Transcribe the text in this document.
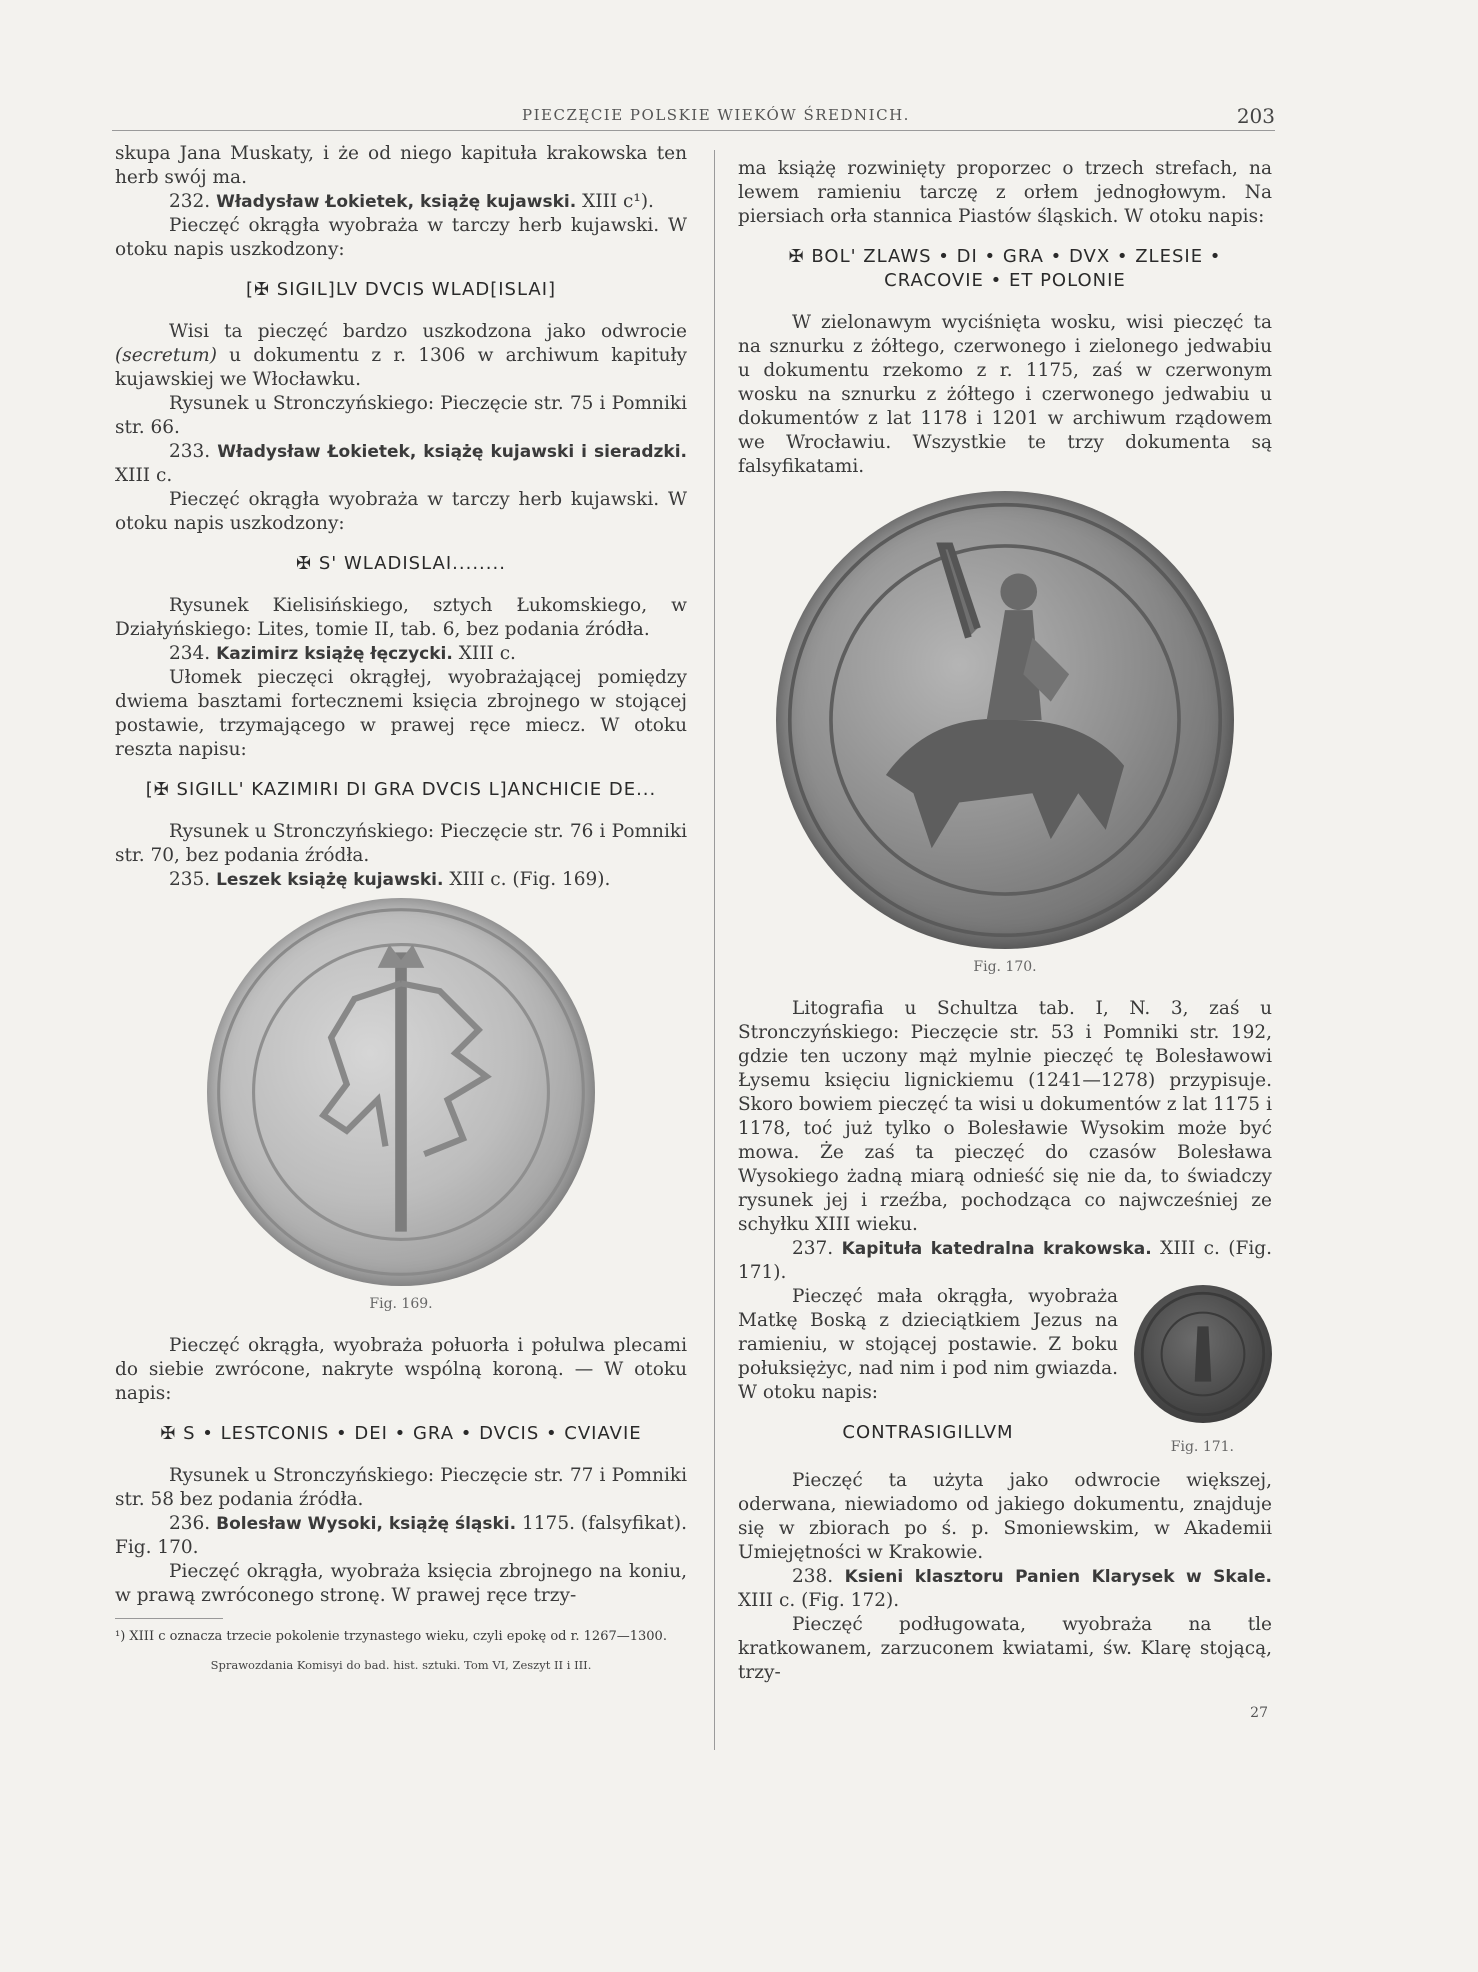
PIECZĘCIE POLSKIE WIEKÓW ŚREDNICH.	203

skupa Jana Muskaty, i że od niego kapituła krakowska ten herb swój ma.

232. Władysław Łokietek, książę kujawski. XIII c¹).

Pieczęć okrągła wyobraża w tarczy herb kujawski. W otoku napis uszkodzony:

[✠ SIGIL]LV DVCIS WLAD[ISLAI]

Wisi ta pieczęć bardzo uszkodzona jako odwrocie (secretum) u dokumentu z r. 1306 w archiwum kapituły kujawskiej we Włocławku.

Rysunek u Stronczyńskiego: Pieczęcie str. 75 i Pomniki str. 66.

233. Władysław Łokietek, książę kujawski i sieradzki. XIII c.

Pieczęć okrągła wyobraża w tarczy herb kujawski. W otoku napis uszkodzony:

✠ S' WLADISLAI........

Rysunek Kielisińskiego, sztych Łukomskiego, w Działyńskiego: Lites, tomie II, tab. 6, bez podania źródła.

234. Kazimirz książę łęczycki. XIII c.

Ułomek pieczęci okrągłej, wyobrażającej pomiędzy dwiema basztami fortecznemi księcia zbrojnego w stojącej postawie, trzymającego w prawej ręce miecz. W otoku reszta napisu:

[✠ SIGILL' KAZIMIRI DI GRA DVCIS L]ANCHICIE DE...

Rysunek u Stronczyńskiego: Pieczęcie str. 76 i Pomniki str. 70, bez podania źródła.

235. Leszek książę kujawski. XIII c. (Fig. 169).

Fig. 169.

Pieczęć okrągła, wyobraża połuorła i połulwa plecami do siebie zwrócone, nakryte wspólną koroną. — W otoku napis:

✠ S • LESTCONIS • DEI • GRA • DVCIS • CVIAVIE

Rysunek u Stronczyńskiego: Pieczęcie str. 77 i Pomniki str. 58 bez podania źródła.

236. Bolesław Wysoki, książę śląski. 1175. (falsyfikat). Fig. 170.

Pieczęć okrągła, wyobraża księcia zbrojnego na koniu, w prawą zwróconego stronę. W prawej ręce trzy-

¹) XIII c oznacza trzecie pokolenie trzynastego wieku, czyli epokę od r. 1267—1300.

Sprawozdania Komisyi do bad. hist. sztuki. Tom VI, Zeszyt II i III.

ma książę rozwinięty proporzec o trzech strefach, na lewem ramieniu tarczę z orłem jednogłowym. Na piersiach orła stannica Piastów śląskich. W otoku napis:

✠ BOL' ZLAWS • DI • GRA • DVX • ZLESIE • CRACOVIE • ET POLONIE

W zielonawym wyciśnięta wosku, wisi pieczęć ta na sznurku z żółtego, czerwonego i zielonego jedwabiu u dokumentu rzekomo z r. 1175, zaś w czerwonym wosku na sznurku z żółtego i czerwonego jedwabiu u dokumentów z lat 1178 i 1201 w archiwum rządowem we Wrocławiu. Wszystkie te trzy dokumenta są falsyfikatami.

Fig. 170.

Litografia u Schultza tab. I, N. 3, zaś u Stronczyńskiego: Pieczęcie str. 53 i Pomniki str. 192, gdzie ten uczony mąż mylnie pieczęć tę Bolesławowi Łysemu księciu lignickiemu (1241—1278) przypisuje. Skoro bowiem pieczęć ta wisi u dokumentów z lat 1175 i 1178, toć już tylko o Bolesławie Wysokim może być mowa. Że zaś ta pieczęć do czasów Bolesława Wysokiego żadną miarą odnieść się nie da, to świadczy rysunek jej i rzeźba, pochodząca co najwcześniej ze schyłku XIII wieku.

237. Kapituła katedralna krakowska. XIII c. (Fig. 171).

Pieczęć mała okrągła, wyobraża Matkę Boską z dzieciątkiem Jezus na ramieniu, w stojącej postawie. Z boku połuksiężyc, nad nim i pod nim gwiazda. W otoku napis:

CONTRASIGILLVM
Fig. 171.

Pieczęć ta użyta jako odwrocie większej, oderwana, niewiadomo od jakiego dokumentu, znajduje się w zbiorach po ś. p. Smoniewskim, w Akademii Umiejętności w Krakowie.

238. Ksieni klasztoru Panien Klarysek w Skale. XIII c. (Fig. 172).

Pieczęć podługowata, wyobraża na tle kratkowanem, zarzuconem kwiatami, św. Klarę stojącą, trzy-

27
